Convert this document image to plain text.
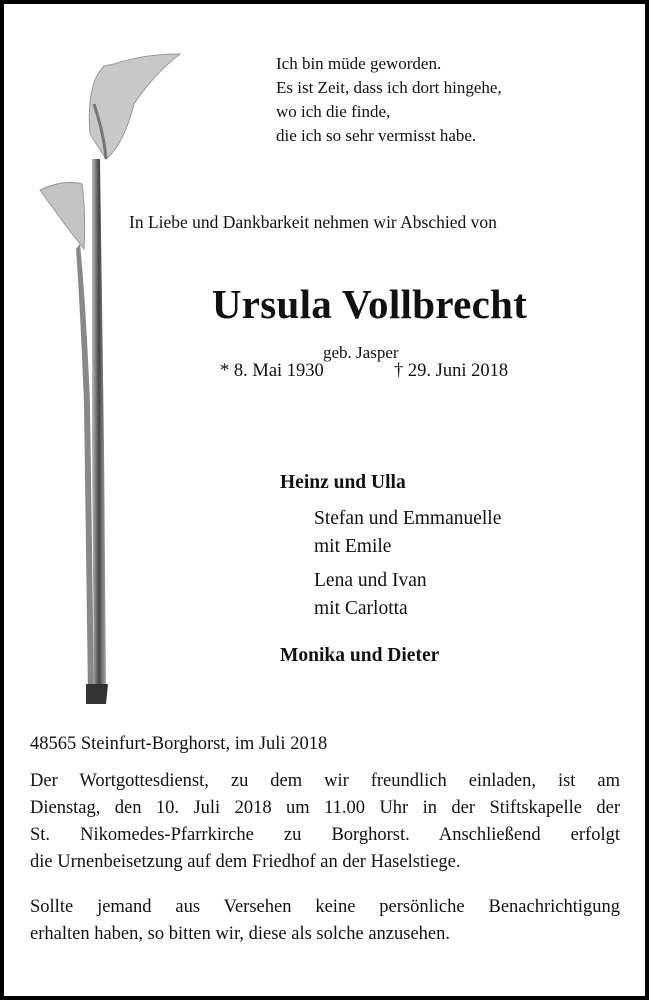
Ich bin müde geworden.
Es ist Zeit, dass ich dort hingehe,
wo ich die finde,
die ich so sehr vermisst habe.
In Liebe und Dankbarkeit nehmen wir Abschied von
Ursula Vollbrecht
geb. Jasper
* 8. Mai 1930	† 29. Juni 2018
Heinz und Ulla
Stefan und Emmanuelle
mit Emile
Lena und Ivan
mit Carlotta
Monika und Dieter
48565 Steinfurt-Borghorst, im Juli 2018
Der Wortgottesdienst, zu dem wir freundlich einladen, ist am
Dienstag, den 10. Juli 2018 um 11.00 Uhr in der Stiftskapelle der
St. Nikomedes-Pfarrkirche zu Borghorst. Anschließend erfolgt
die Urnenbeisetzung auf dem Friedhof an der Haselstiege.
Sollte jemand aus Versehen keine persönliche Benachrichtigung
erhalten haben, so bitten wir, diese als solche anzusehen.
